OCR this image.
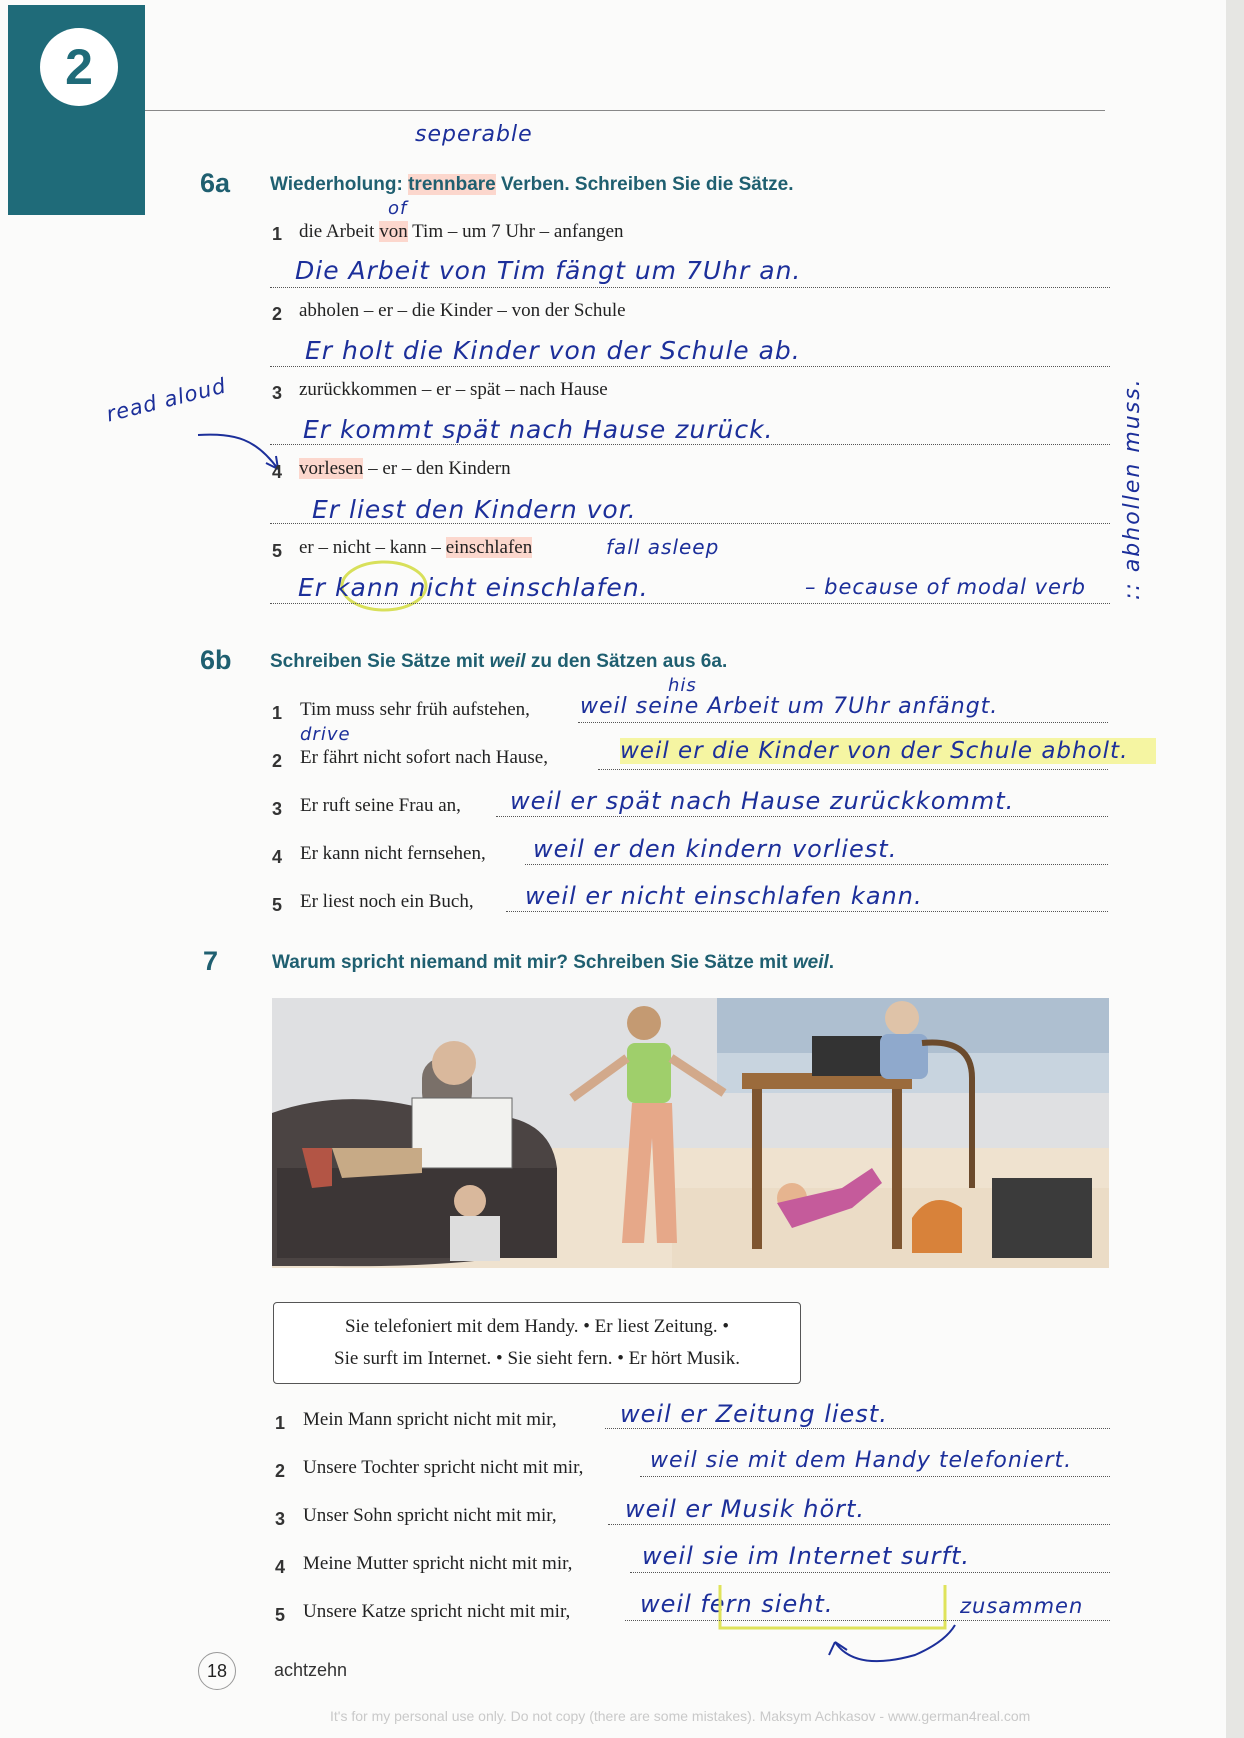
2
seperable
6a Wiederholung: trennbare Verben. Schreiben Sie die Sätze.
of
1 die Arbeit von Tim – um 7 Uhr – anfangen
Die Arbeit von Tim fängt um 7Uhr an.
2 abholen – er – die Kinder – von der Schule
Er holt die Kinder von der Schule ab.
read aloud 3 zurückkommen – er – spät – nach Hause
Er kommt spät nach Hause zurück.
4 vorlesen – er – den Kindern
Er liest den Kindern vor.
5 er – nicht – kann – einschlafen	fall asleep
Er kann nicht einschlafen.	– because of modal verb :: abhollen muss.
6b Schreiben Sie Sätze mit weil zu den Sätzen aus 6a.
his
1 Tim muss sehr früh aufstehen, weil seine Arbeit um 7Uhr anfängt.
drive
2 Er fährt nicht sofort nach Hause,	weil er die Kinder von der Schule abholt.
3 Er ruft seine Frau an, weil er spät nach Hause zurückkommt.
4 Er kann nicht fernsehen, weil er den kindern vorliest.
5 Er liest noch ein Buch, weil er nicht einschlafen kann.
7	Warum spricht niemand mit mir? Schreiben Sie Sätze mit weil.
Sie telefoniert mit dem Handy. • Er liest Zeitung. •
Sie surft im Internet. • Sie sieht fern. • Er hört Musik.
1 Mein Mann spricht nicht mit mir,	weil er Zeitung liest.
2 Unsere Tochter spricht nicht mit mir,	weil sie mit dem Handy telefoniert.
3 Unser Sohn spricht nicht mit mir,	weil er Musik hört.
4 Meine Mutter spricht nicht mit mir,	weil sie im Internet surft.
5 Unsere Katze spricht nicht mit mir,	weil fern sieht.	zusammen
18	achtzehn
It's for my personal use only. Do not copy (there are some mistakes). Maksym Achkasov - www.german4real.com
